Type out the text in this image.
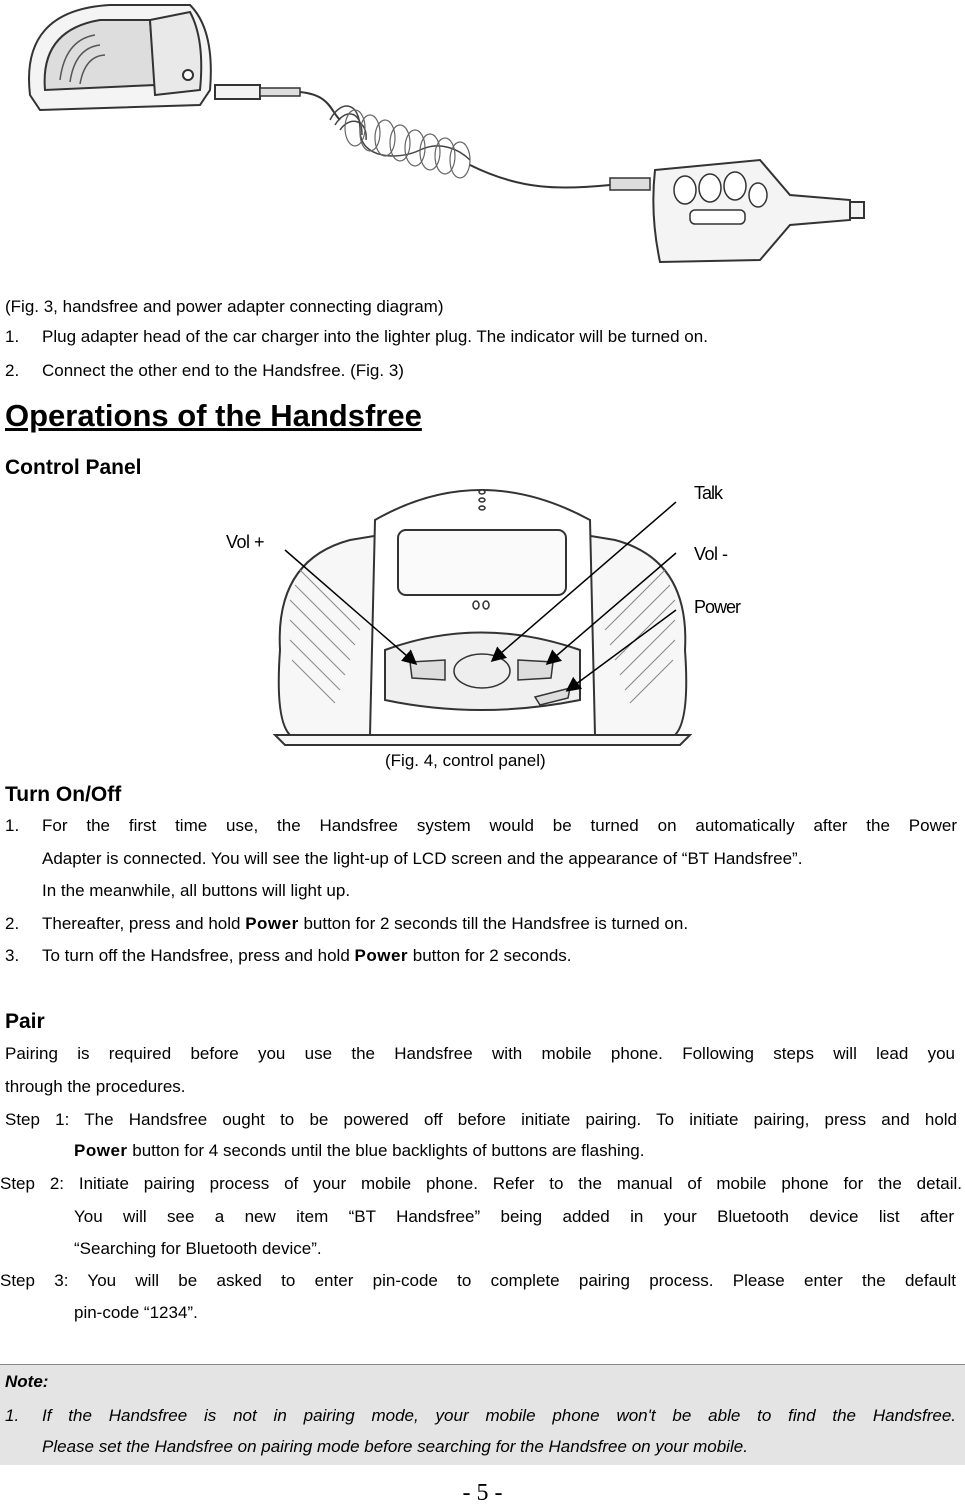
(Fig. 3, handsfree and power adapter connecting diagram)
1. Plug adapter head of the car charger into the lighter plug. The indicator will be turned on.
2. Connect the other end to the Handsfree. (Fig. 3)
Operations of the Handsfree
Control Panel
Talk
Vol +
Vol -
Power
(Fig. 4, control panel)
Turn On/Off
1. For the first time use, the Handsfree system would be turned on automatically after the Power
Adapter is connected. You will see the light-up of LCD screen and the appearance of “BT Handsfree”.
In the meanwhile, all buttons will light up.
2. Thereafter, press and hold Power button for 2 seconds till the Handsfree is turned on.
3. To turn off the Handsfree, press and hold Power button for 2 seconds.
Pair
Pairing is required before you use the Handsfree with mobile phone. Following steps will lead you
through the procedures.
Step 1: The Handsfree ought to be powered off before initiate pairing. To initiate pairing, press and hold
Power button for 4 seconds until the blue backlights of buttons are flashing.
Step 2: Initiate pairing process of your mobile phone. Refer to the manual of mobile phone for the detail.
You will see a new item “BT Handsfree” being added in your Bluetooth device list after
“Searching for Bluetooth device”.
Step 3: You will be asked to enter pin-code to complete pairing process. Please enter the default
pin-code “1234”.
Note:
1. If the Handsfree is not in pairing mode, your mobile phone won't be able to find the Handsfree.
Please set the Handsfree on pairing mode before searching for the Handsfree on your mobile.
- 5 -
